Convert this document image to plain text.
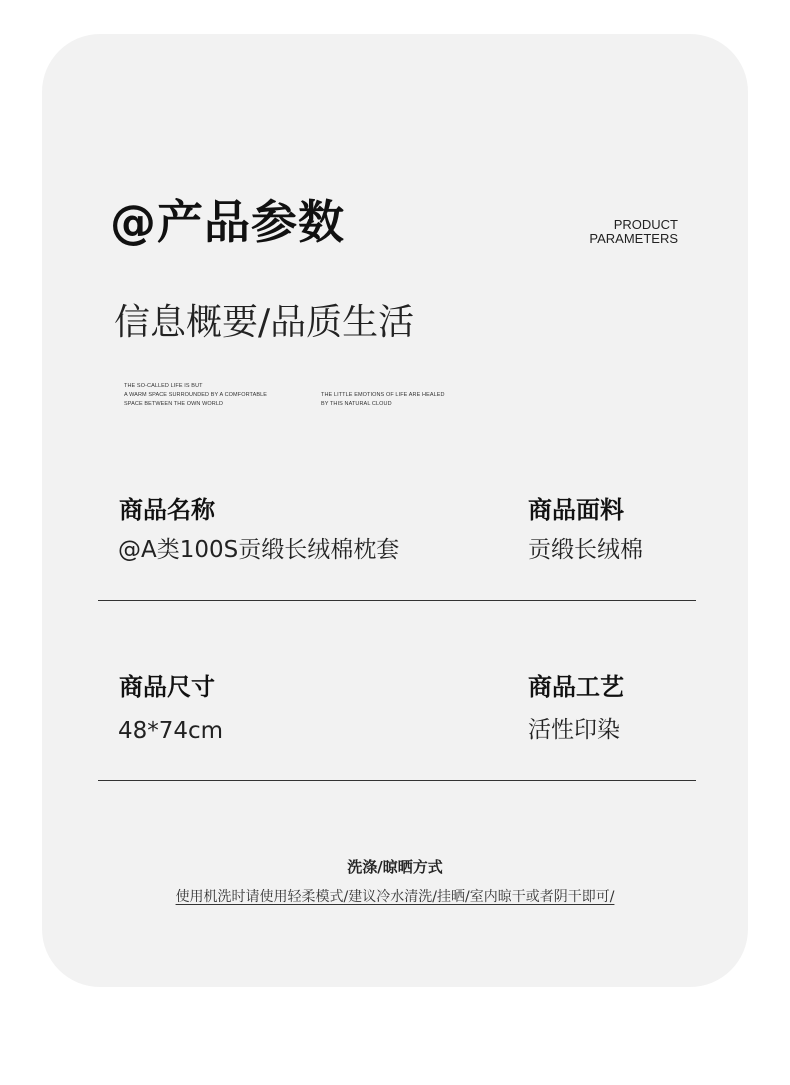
@产品参数	PRODUCT
PARAMETERS
信息概要/品质生活
THE SO-CALLED LIFE IS BUT
A WARM SPACE SURROUNDED BY A COMFORTABLE
SPACE BETWEEN THE OWN WORLD
THE LITTLE EMOTIONS OF LIFE ARE HEALED
BY THIS NATURAL CLOUD
商品名称
@A类100S贡缎长绒棉枕套
商品面料
贡缎长绒棉
商品尺寸
48*74cm
商品工艺
活性印染
洗涤/晾晒方式
使用机洗时请使用轻柔模式/建议冷水清洗/挂晒/室内晾干或者阴干即可/
